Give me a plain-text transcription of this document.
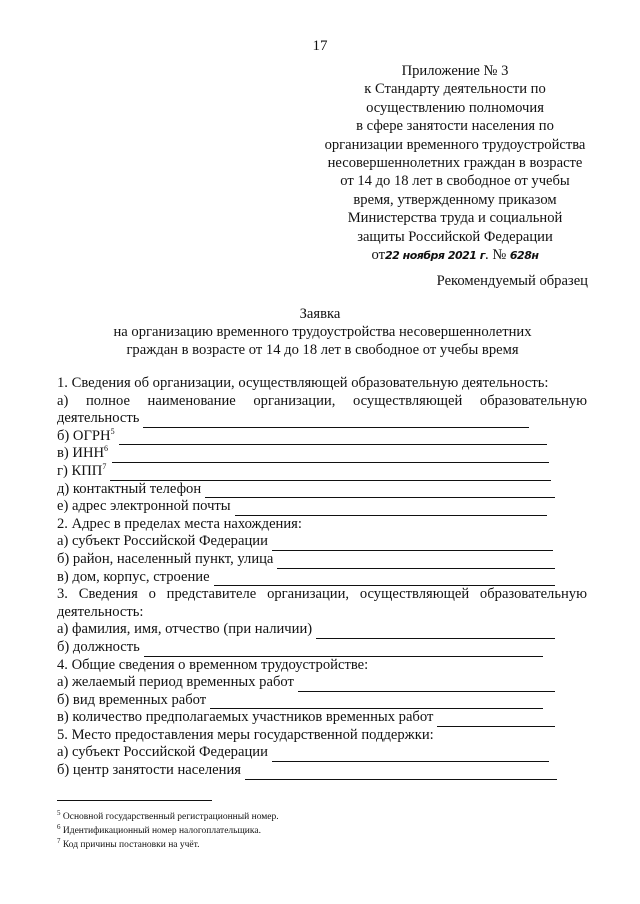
17
Приложение № 3
к Стандарту деятельности по
осуществлению полномочия
в сфере занятости населения по
организации временного трудоустройства
несовершеннолетних граждан в возрасте
от 14 до 18 лет в свободное от учебы
время, утвержденному приказом
Министерства труда и социальной
защиты Российской Федерации
от22 ноября 2021 г. № 628н
Рекомендуемый образец
Заявка
на организацию временного трудоустройства несовершеннолетних
граждан в возрасте от 14 до 18 лет в свободное от учебы время
1. Сведения об организации, осуществляющей образовательную деятельность:
а) полное наименование организации, осуществляющей образовательную
деятельность
б) ОГРН$^5$
в) ИНН$^6$
г) КПП$^7$
д) контактный телефон
е) адрес электронной почты
2. Адрес в пределах места нахождения:
а) субъект Российской Федерации
б) район, населенный пункт, улица
в) дом, корпус, строение
3. Сведения о представителе организации, осуществляющей образовательную
деятельность:
а) фамилия, имя, отчество (при наличии)
б) должность
4. Общие сведения о временном трудоустройстве:
а) желаемый период временных работ
б) вид временных работ
в) количество предполагаемых участников временных работ
5. Место предоставления меры государственной поддержки:
а) субъект Российской Федерации
б) центр занятости населения
$^5$ Основной государственный регистрационный номер.
$^6$ Идентификационный номер налогоплательщика.
$^7$ Код причины постановки на учёт.
